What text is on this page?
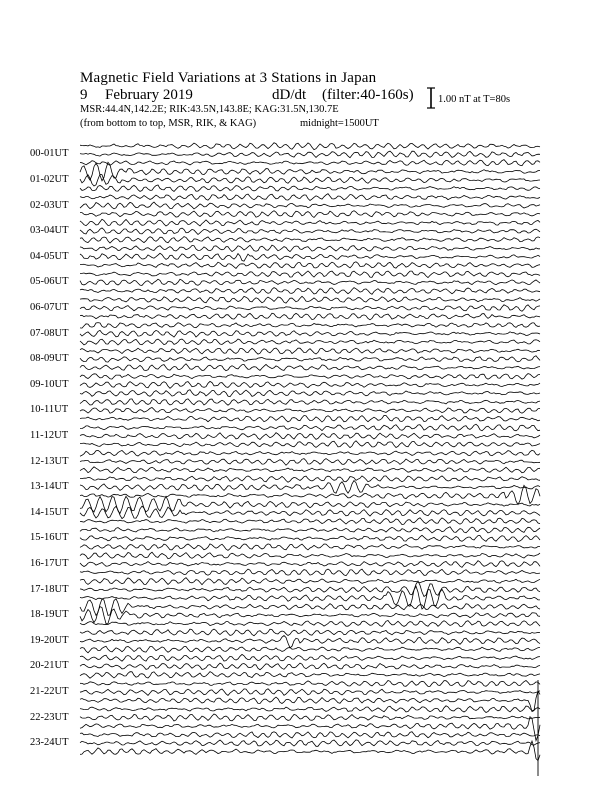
Magnetic Field Variations at 3 Stations in Japan
9 February 2019	dD/dt (filter:40-160s)
MSR:44.4N,142.2E; RIK:43.5N,143.8E; KAG:31.5N,130.7E
(from bottom to top, MSR, RIK, & KAG)	midnight=1500UT
1.00 nT at T=80s
00-01UT
01-02UT
02-03UT
03-04UT
04-05UT
05-06UT
06-07UT
07-08UT
08-09UT
09-10UT
10-11UT
11-12UT
12-13UT
13-14UT
14-15UT
15-16UT
16-17UT
17-18UT
18-19UT
19-20UT
20-21UT
21-22UT
22-23UT
23-24UT
